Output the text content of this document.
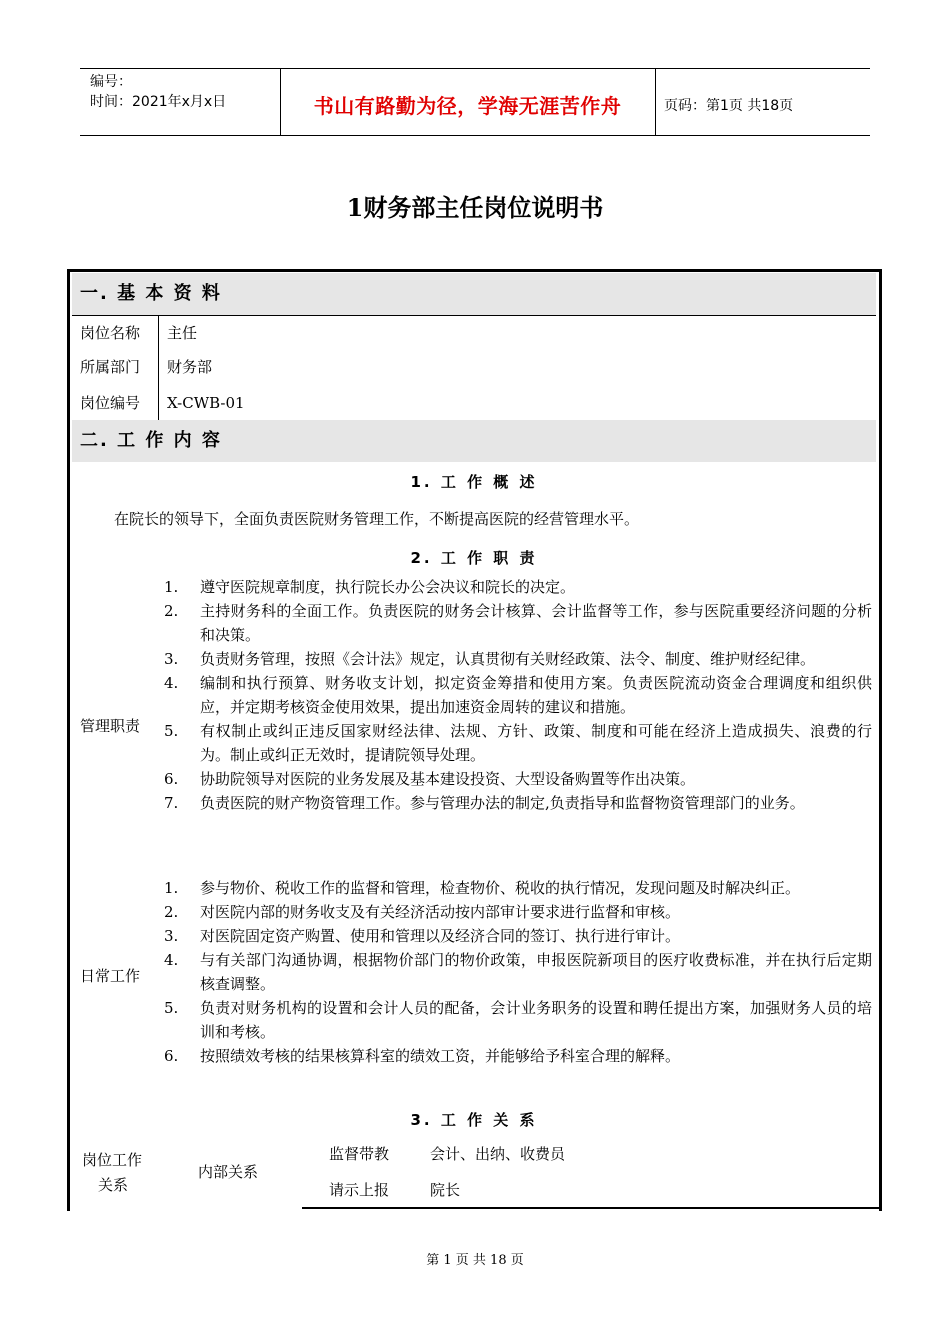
编号：
时间：2021年x月x日	书山有路勤为径，学海无涯苦作舟	页码：第1页 共18页
1财务部主任岗位说明书
一. 基 本 资 料
岗位名称 主任
所属部门 财务部
岗位编号 X-CWB-01
二. 工 作 内 容
1. 工 作 概 述
在院长的领导下，全面负责医院财务管理工作，不断提高医院的经营管理水平。
2. 工 作 职 责
管理职责
1.	遵守医院规章制度，执行院长办公会决议和院长的决定。
2.	主持财务科的全面工作。负责医院的财务会计核算、会计监督等工作，参与医院重要经济问题的分析和决策。
3.	负责财务管理，按照《会计法》规定，认真贯彻有关财经政策、法令、制度、维护财经纪律。
4.	编制和执行预算、财务收支计划，拟定资金筹措和使用方案。负责医院流动资金合理调度和组织供应，并定期考核资金使用效果，提出加速资金周转的建议和措施。
5.	有权制止或纠正违反国家财经法律、法规、方针、政策、制度和可能在经济上造成损失、浪费的行为。制止或纠正无效时，提请院领导处理。
6.	协助院领导对医院的业务发展及基本建设投资、大型设备购置等作出决策。
7.	负责医院的财产物资管理工作。参与管理办法的制定,负责指导和监督物资管理部门的业务。
日常工作
1.	参与物价、税收工作的监督和管理，检查物价、税收的执行情况，发现问题及时解决纠正。
2.	对医院内部的财务收支及有关经济活动按内部审计要求进行监督和审核。
3.	对医院固定资产购置、使用和管理以及经济合同的签订、执行进行审计。
4.	与有关部门沟通协调，根据物价部门的物价政策，申报医院新项目的医疗收费标准，并在执行后定期核查调整。
5.	负责对财务机构的设置和会计人员的配备，会计业务职务的设置和聘任提出方案，加强财务人员的培训和考核。
6.	按照绩效考核的结果核算科室的绩效工资，并能够给予科室合理的解释。
3. 工 作 关 系
岗位工作
关系
内部关系
监督带教	会计、出纳、收费员
请示上报	院长
第 1 页 共 18 页
